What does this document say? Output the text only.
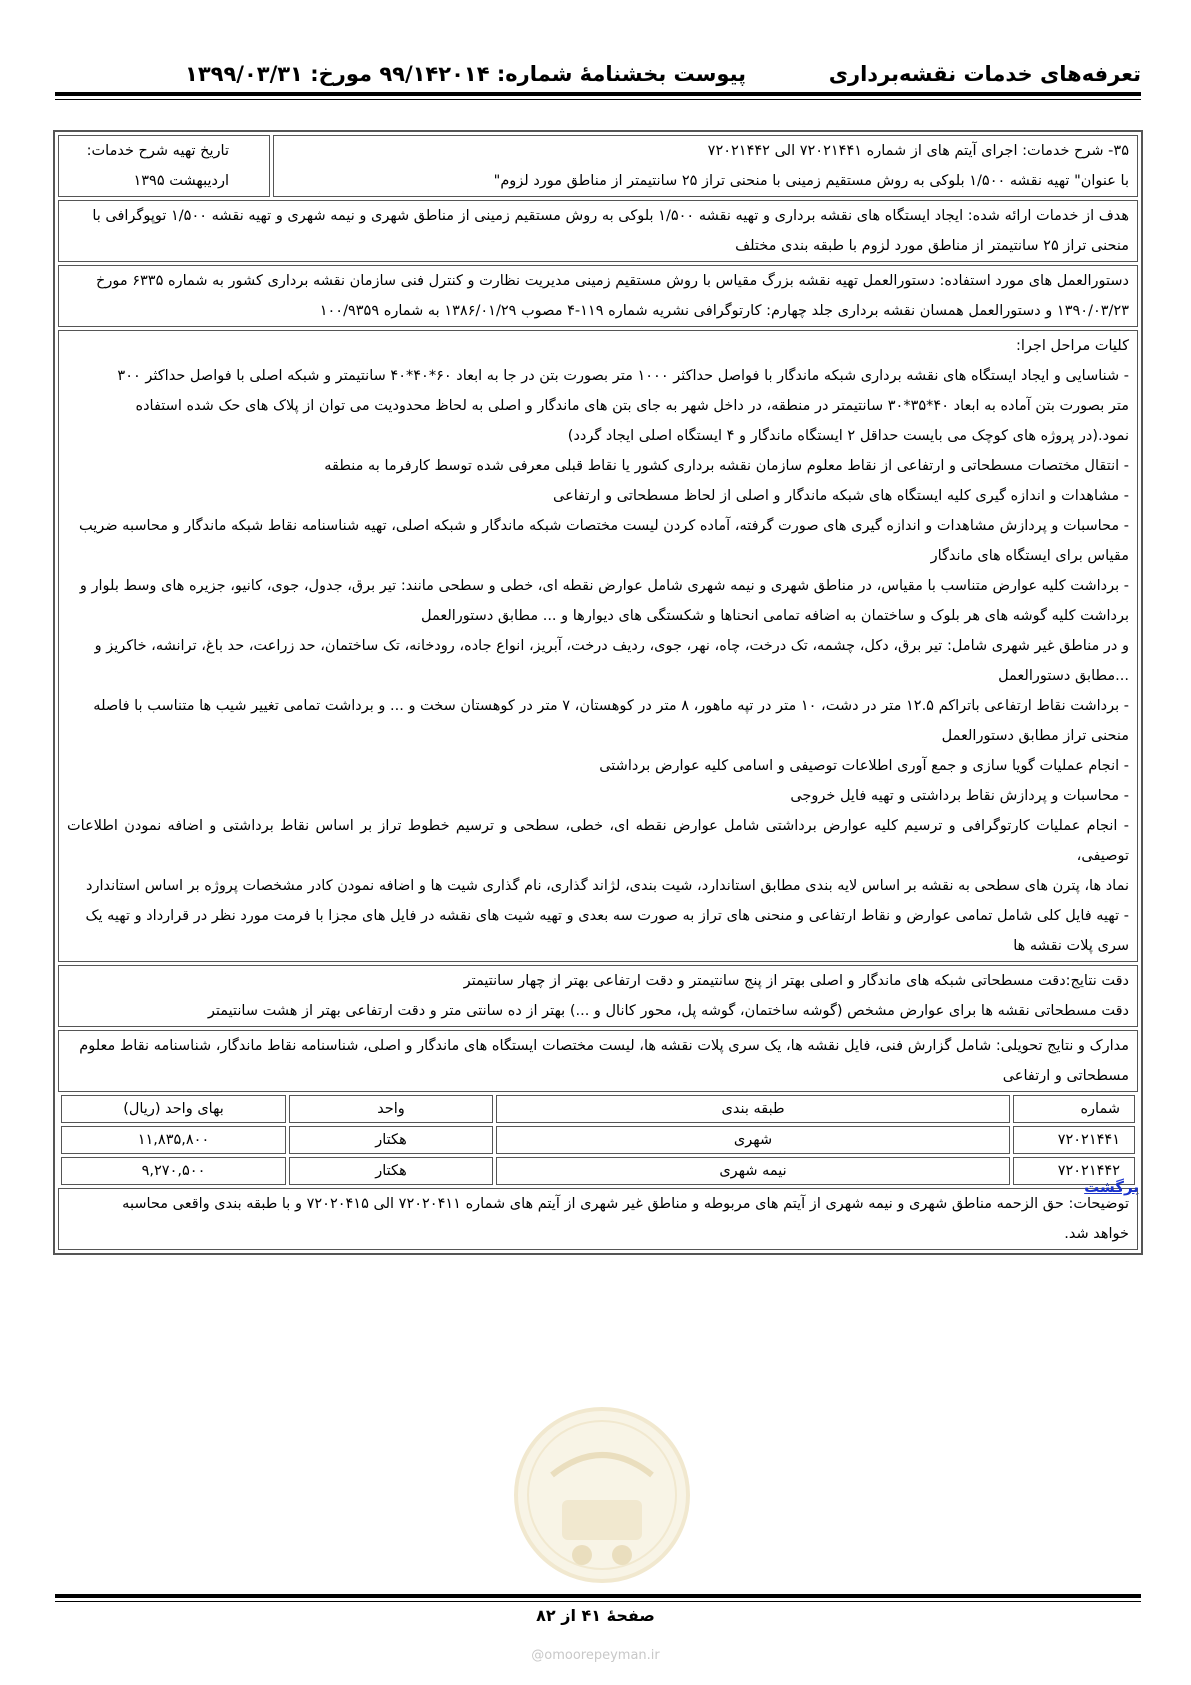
تعرفه‌های خدمات نقشه‌برداری
پیوست بخشنامهٔ شماره: ۹۹/۱۴۲۰۱۴ مورخ: ۱۳۹۹/۰۳/۳۱
۳۵- شرح خدمات: اجرای آیتم های از شماره ۷۲۰۲۱۴۴۱ الی ۷۲۰۲۱۴۴۲
با عنوان" تهیه نقشه ۱/۵۰۰ بلوکی به روش مستقیم زمینی با منحنی تراز ۲۵ سانتیمتر از مناطق مورد لزوم"
تاریخ تهیه شرح خدمات:
اردیبهشت ۱۳۹۵
هدف از خدمات ارائه شده: ایجاد ایستگاه های نقشه برداری و تهیه نقشه ۱/۵۰۰ بلوکی به روش مستقیم زمینی از مناطق شهری و نیمه شهری و تهیه نقشه ۱/۵۰۰ توپوگرافی با
منحنی تراز ۲۵ سانتیمتر از مناطق مورد لزوم با طبقه بندی مختلف
دستورالعمل های مورد استفاده: دستورالعمل تهیه نقشه بزرگ مقیاس با روش مستقیم زمینی مدیریت نظارت و کنترل فنی سازمان نقشه برداری کشور به شماره ۶۳۳۵ مورخ
۱۳۹۰/۰۳/۲۳ و دستورالعمل همسان نقشه برداری جلد چهارم: کارتوگرافی نشریه شماره ۱۱۹-۴ مصوب ۱۳۸۶/۰۱/۲۹ به شماره ۱۰۰/۹۳۵۹
کلیات مراحل اجرا:
- شناسایی و ایجاد ایستگاه های نقشه برداری شبکه ماندگار با فواصل حداکثر ۱۰۰۰ متر بصورت بتن در جا به ابعاد ۶۰*۴۰*۴۰ سانتیمتر و شبکه اصلی با فواصل حداکثر ۳۰۰
متر بصورت بتن آماده به ابعاد ۴۰*۳۵*۳۰ سانتیمتر در منطقه، در داخل شهر به جای بتن های ماندگار و اصلی به لحاظ محدودیت می توان از پلاک های حک شده استفاده
نمود.(در پروژه های کوچک می بایست حداقل ۲ ایستگاه ماندگار و ۴ ایستگاه اصلی ایجاد گردد)
- انتقال مختصات مسطحاتی و ارتفاعی از نقاط معلوم سازمان نقشه برداری کشور یا نقاط قبلی معرفی شده توسط کارفرما به منطقه
- مشاهدات و اندازه گیری کلیه ایستگاه های شبکه ماندگار و اصلی از لحاظ مسطحاتی و ارتفاعی
- محاسبات و پردازش مشاهدات و اندازه گیری های صورت گرفته، آماده کردن لیست مختصات شبکه ماندگار و شبکه اصلی، تهیه شناسنامه نقاط شبکه ماندگار و محاسبه ضریب
مقیاس برای ایستگاه های ماندگار
- برداشت کلیه عوارض متناسب با مقیاس، در مناطق شهری و نیمه شهری شامل عوارض نقطه ای، خطی و سطحی مانند: تیر برق، جدول، جوی، کانیو، جزیره های وسط بلوار و
برداشت کلیه گوشه های هر بلوک و ساختمان به اضافه تمامی انحناها و شکستگی های دیوارها و ... مطابق دستورالعمل
و در مناطق غیر شهری شامل: تیر برق، دکل، چشمه، تک درخت، چاه، نهر، جوی، ردیف درخت، آبریز، انواع جاده، رودخانه، تک ساختمان، حد زراعت، حد باغ، ترانشه، خاکریز و
...مطابق دستورالعمل
- برداشت نقاط ارتفاعی باتراکم ۱۲.۵ متر در دشت، ۱۰ متر در تپه ماهور، ۸ متر در کوهستان، ۷ متر در کوهستان سخت و ... و برداشت تمامی تغییر شیب ها متناسب با فاصله
منحنی تراز مطابق دستورالعمل
- انجام عملیات گویا سازی و جمع آوری اطلاعات توصیفی و اسامی کلیه عوارض برداشتی
- محاسبات و پردازش نقاط برداشتی و تهیه فایل خروجی
- انجام عملیات کارتوگرافی و ترسیم کلیه عوارض برداشتی شامل عوارض نقطه ای، خطی، سطحی و ترسیم خطوط تراز بر اساس نقاط برداشتی و اضافه نمودن اطلاعات توصیفی،
نماد ها، پترن های سطحی به نقشه بر اساس لایه بندی مطابق استاندارد، شیت بندی، لژاند گذاری، نام گذاری شیت ها و اضافه نمودن کادر مشخصات پروژه بر اساس استاندارد
- تهیه فایل کلی شامل تمامی عوارض و نقاط ارتفاعی و منحنی های تراز به صورت سه بعدی و تهیه شیت های نقشه در فایل های مجزا با فرمت مورد نظر در قرارداد و تهیه یک
سری پلات نقشه ها
دقت نتایج:دقت مسطحاتی شبکه های ماندگار و اصلی بهتر از پنج سانتیمتر و دقت ارتفاعی بهتر از چهار سانتیمتر
دقت مسطحاتی نقشه ها برای عوارض مشخص (گوشه ساختمان، گوشه پل، محور کانال و ...) بهتر از ده سانتی متر و دقت ارتفاعی بهتر از هشت سانتیمتر
مدارک و نتایج تحویلی: شامل گزارش فنی، فایل نقشه ها، یک سری پلات نقشه ها، لیست مختصات ایستگاه های ماندگار و اصلی، شناسنامه نقاط ماندگار، شناسنامه نقاط معلوم
مسطحاتی و ارتفاعی
شماره	طبقه بندی	واحد	بهای واحد (ریال)
۷۲۰۲۱۴۴۱	شهری	هکتار	۱۱,۸۳۵,۸۰۰
۷۲۰۲۱۴۴۲	نیمه شهری	هکتار	۹,۲۷۰,۵۰۰
توضیحات: حق الزحمه مناطق شهری و نیمه شهری از آیتم های مربوطه و مناطق غیر شهری از آیتم های شماره ۷۲۰۲۰۴۱۱ الی ۷۲۰۲۰۴۱۵ و با طبقه بندی واقعی محاسبه
خواهد شد.
برگشت
صفحهٔ ۴۱ از ۸۲
@omoorepeyman.ir
